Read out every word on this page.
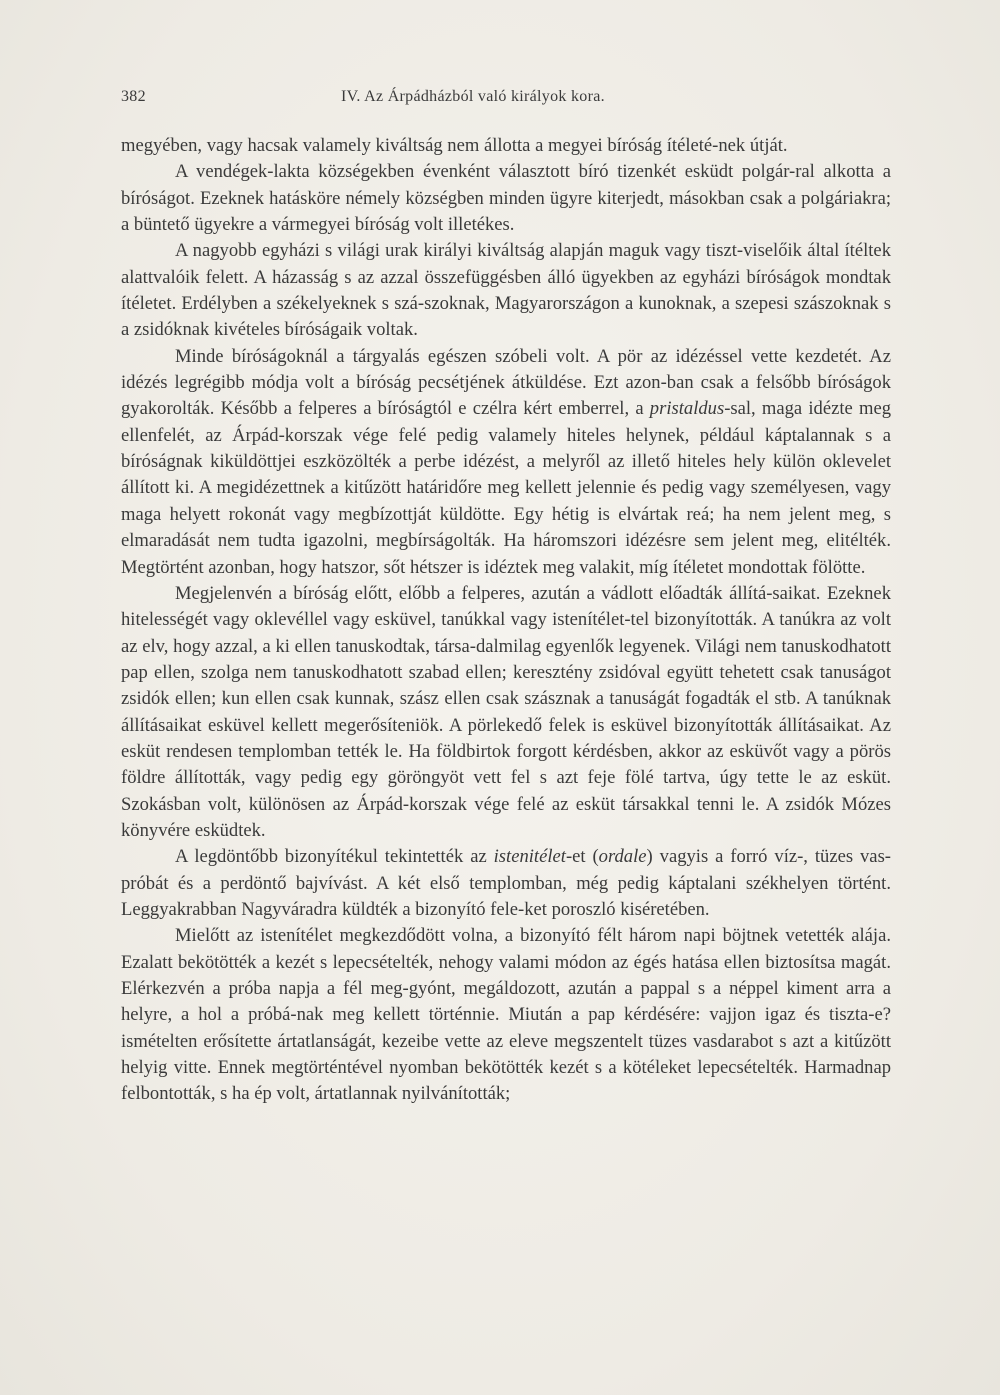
382	IV. Az Árpádházból való királyok kora.

megyében, vagy hacsak valamely kiváltság nem állotta a megyei bíróság ítéleté-nek útját.

A vendégek-lakta községekben évenként választott bíró tizenkét esküdt polgár-ral alkotta a bíróságot. Ezeknek hatásköre némely községben minden ügyre kiterjedt, másokban csak a polgáriakra; a büntető ügyekre a vármegyei bíróság volt illetékes.

A nagyobb egyházi s világi urak királyi kiváltság alapján maguk vagy tiszt-viselőik által ítéltek alattvalóik felett. A házasság s az azzal összefüggésben álló ügyekben az egyházi bíróságok mondtak ítéletet. Erdélyben a székelyeknek s szá-szoknak, Magyarországon a kunoknak, a szepesi szászoknak s a zsidóknak kivételes bíróságaik voltak.

Minde bíróságoknál a tárgyalás egészen szóbeli volt. A pör az idézéssel vette kezdetét. Az idézés legrégibb módja volt a bíróság pecsétjének átküldése. Ezt azon-ban csak a felsőbb bíróságok gyakorolták. Később a felperes a bíróságtól e czélra kért emberrel, a pristaldus-sal, maga idézte meg ellenfelét, az Árpád-korszak vége felé pedig valamely hiteles helynek, például káptalannak s a bíróságnak kiküldöttjei eszközölték a perbe idézést, a melyről az illető hiteles hely külön oklevelet állított ki. A megidézettnek a kitűzött határidőre meg kellett jelennie és pedig vagy személyesen, vagy maga helyett rokonát vagy megbízottját küldötte. Egy hétig is elvártak reá; ha nem jelent meg, s elmaradását nem tudta igazolni, megbírságolták. Ha háromszori idézésre sem jelent meg, elitélték. Megtörtént azonban, hogy hatszor, sőt hétszer is idéztek meg valakit, míg ítéletet mondottak fölötte.

Megjelenvén a bíróság előtt, előbb a felperes, azután a vádlott előadták állítá-saikat. Ezeknek hitelességét vagy oklevéllel vagy esküvel, tanúkkal vagy istenítélet-tel bizonyították. A tanúkra az volt az elv, hogy azzal, a ki ellen tanuskodtak, társa-dalmilag egyenlők legyenek. Világi nem tanuskodhatott pap ellen, szolga nem tanuskodhatott szabad ellen; keresztény zsidóval együtt tehetett csak tanuságot zsidók ellen; kun ellen csak kunnak, szász ellen csak szásznak a tanuságát fogadták el stb. A tanúknak állításaikat esküvel kellett megerősíteniök. A pörlekedő felek is esküvel bizonyították állításaikat. Az esküt rendesen templomban tették le. Ha földbirtok forgott kérdésben, akkor az esküvőt vagy a pörös földre állították, vagy pedig egy göröngyöt vett fel s azt feje fölé tartva, úgy tette le az esküt. Szokásban volt, különösen az Árpád-korszak vége felé az esküt társakkal tenni le. A zsidók Mózes könyvére esküdtek.

A legdöntőbb bizonyítékul tekintették az istenitélet-et (ordale) vagyis a forró víz-, tüzes vas-próbát és a perdöntő bajvívást. A két első templomban, még pedig káptalani székhelyen történt. Leggyakrabban Nagyváradra küldték a bizonyító fele-ket poroszló kiséretében.

Mielőtt az istenítélet megkezdődött volna, a bizonyító félt három napi böjtnek vetették alája. Ezalatt bekötötték a kezét s lepecsételték, nehogy valami módon az égés hatása ellen biztosítsa magát. Elérkezvén a próba napja a fél meg-gyónt, megáldozott, azután a pappal s a néppel kiment arra a helyre, a hol a próbá-nak meg kellett történnie. Miután a pap kérdésére: vajjon igaz és tiszta-e? ismételten erősítette ártatlanságát, kezeibe vette az eleve megszentelt tüzes vasdarabot s azt a kitűzött helyig vitte. Ennek megtörténtével nyomban bekötötték kezét s a kötéleket lepecsételték. Harmadnap felbontották, s ha ép volt, ártatlannak nyilvánították;
